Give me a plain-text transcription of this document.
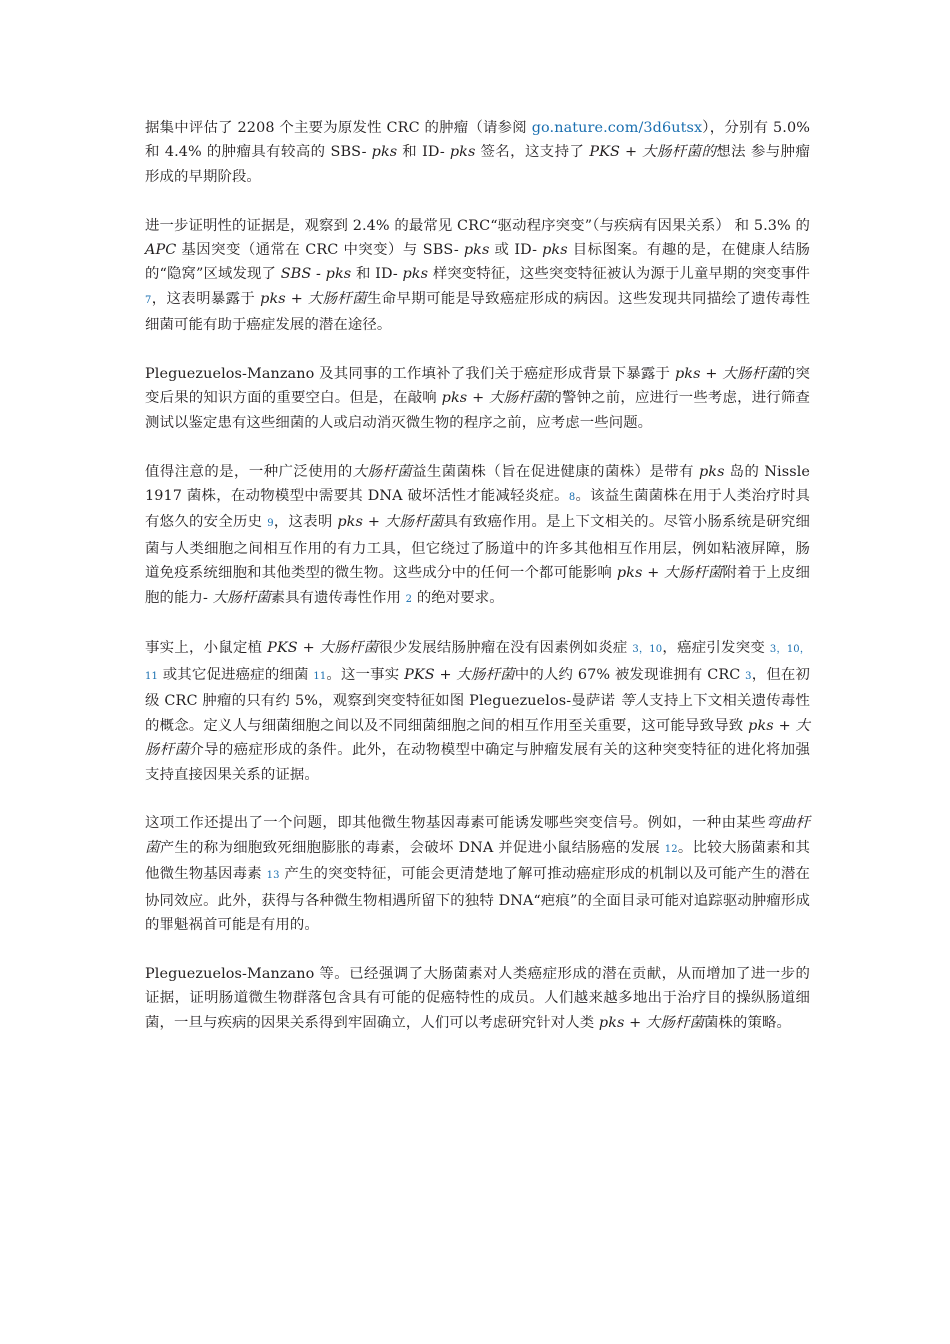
据集中评估了 2208 个主要为原发性 CRC 的肿瘤（请参阅 go.nature.com/3d6utsx），分别有 5.0% 和 4.4% 的肿瘤具有较高的 SBS- pks 和 ID- pks 签名，这支持了 PKS + 大肠杆菌的想法 参与肿瘤形成的早期阶段。

进一步证明性的证据是，观察到 2.4% 的最常见 CRC“驱动程序突变”（与疾病有因果关系） 和 5.3% 的 APC 基因突变（通常在 CRC 中突变）与 SBS- pks 或 ID- pks 目标图案。有趣的是，在健康人结肠的“隐窝”区域发现了 SBS - pks 和 ID- pks 样突变特征，这些突变特征被认为源于儿童早期的突变事件 7，这表明暴露于 pks + 大肠杆菌生命早期可能是导致癌症形成的病因。这些发现共同描绘了遗传毒性细菌可能有助于癌症发展的潜在途径。

Pleguezuelos-Manzano 及其同事的工作填补了我们关于癌症形成背景下暴露于 pks + 大肠杆菌的突变后果的知识方面的重要空白。但是，在敲响 pks + 大肠杆菌的警钟之前，应进行一些考虑，进行筛查测试以鉴定患有这些细菌的人或启动消灭微生物的程序之前，应考虑一些问题。

值得注意的是，一种广泛使用的大肠杆菌益生菌菌株（旨在促进健康的菌株）是带有 pks 岛的 Nissle 1917 菌株，在动物模型中需要其 DNA 破坏活性才能减轻炎症。8。该益生菌菌株在用于人类治疗时具有悠久的安全历史 9，这表明 pks + 大肠杆菌具有致癌作用。是上下文相关的。尽管小肠系统是研究细菌与人类细胞之间相互作用的有力工具，但它绕过了肠道中的许多其他相互作用层，例如粘液屏障，肠道免疫系统细胞和其他类型的微生物。这些成分中的任何一个都可能影响 pks + 大肠杆菌附着于上皮细胞的能力- 大肠杆菌素具有遗传毒性作用 2 的绝对要求。

事实上，小鼠定植 PKS + 大肠杆菌很少发展结肠肿瘤在没有因素例如炎症 3，10，癌症引发突变 3，10，11 或其它促进癌症的细菌 11。这一事实 PKS + 大肠杆菌中的人约 67% 被发现谁拥有 CRC 3，但在初级 CRC 肿瘤的只有约 5%，观察到突变特征如图 Pleguezuelos-曼萨诺 等人支持上下文相关遗传毒性的概念。定义人与细菌细胞之间以及不同细菌细胞之间的相互作用至关重要，这可能导致导致 pks + 大肠杆菌介导的癌症形成的条件。此外，在动物模型中确定与肿瘤发展有关的这种突变特征的进化将加强支持直接因果关系的证据。

这项工作还提出了一个问题，即其他微生物基因毒素可能诱发哪些突变信号。例如，一种由某些弯曲杆菌产生的称为细胞致死细胞膨胀的毒素，会破坏 DNA 并促进小鼠结肠癌的发展 12。比较大肠菌素和其他微生物基因毒素 13 产生的突变特征，可能会更清楚地了解可推动癌症形成的机制以及可能产生的潜在协同效应。此外，获得与各种微生物相遇所留下的独特 DNA“疤痕”的全面目录可能对追踪驱动肿瘤形成的罪魁祸首可能是有用的。

Pleguezuelos-Manzano 等。已经强调了大肠菌素对人类癌症形成的潜在贡献，从而增加了进一步的证据，证明肠道微生物群落包含具有可能的促癌特性的成员。人们越来越多地出于治疗目的操纵肠道细菌，一旦与疾病的因果关系得到牢固确立，人们可以考虑研究针对人类 pks + 大肠杆菌菌株的策略。
